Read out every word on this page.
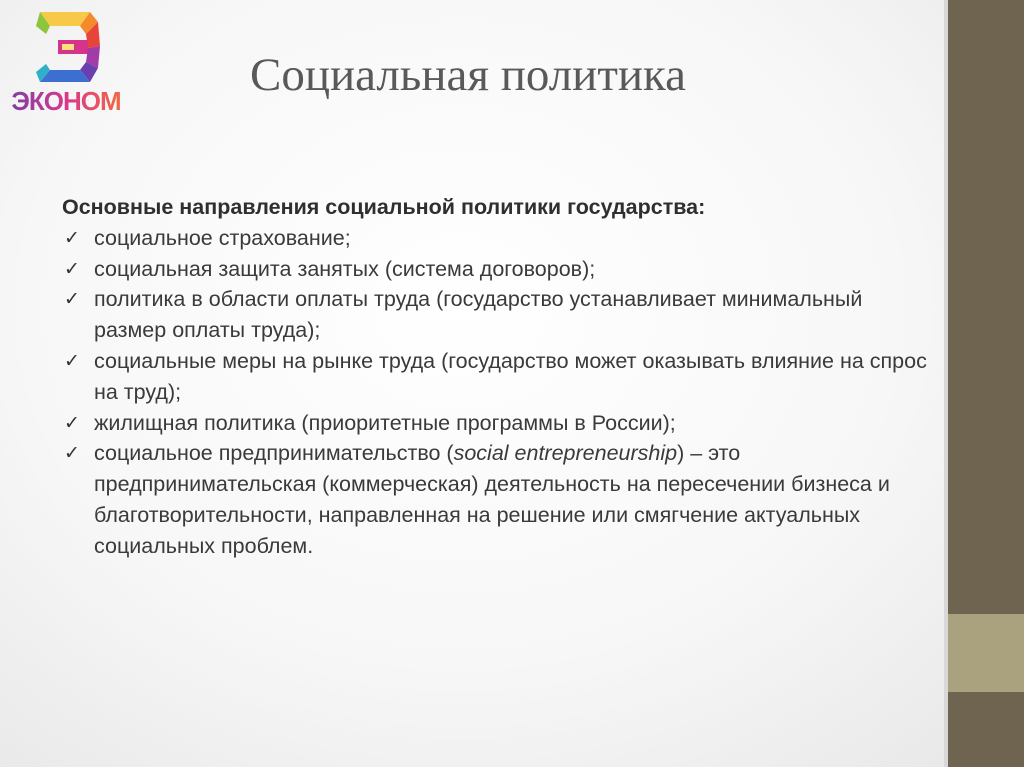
ЭКОНОМ	Социальная политика
Основные направления социальной политики государства:
✓ социальное страхование;
✓ социальная защита занятых (система договоров);
✓ политика в области оплаты труда (государство устанавливает минимальный размер оплаты труда);
✓ социальные меры на рынке труда (государство может оказывать влияние на спрос на труд);
✓ жилищная политика (приоритетные программы в России);
✓ социальное предпринимательство (social entrepreneurship) – это предпринимательская (коммерческая) деятельность на пересечении бизнеса и благотворительности, направленная на решение или смягчение актуальных социальных проблем.
